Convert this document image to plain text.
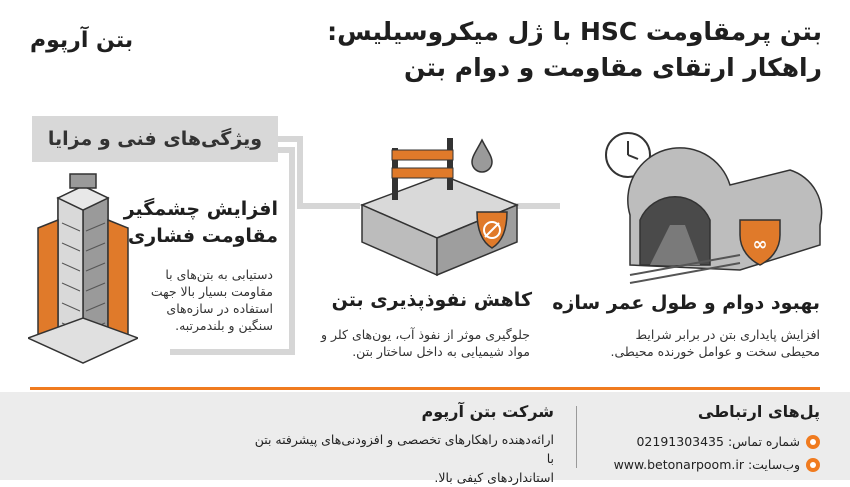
بتن پرمقاومت HSC با ژل میکروسیلیس:
راهکار ارتقای مقاومت و دوام بتن
بتن آرپوم
ویژگی‌های فنی و مزایا
افزایش چشمگیر
مقاومت فشاری
دستیابی به بتن‌های با
مقاومت بسیار بالا جهت
استفاده در سازه‌های
سنگین و بلندمرتبه.
کاهش نفوذپذیری بتن
جلوگیری موثر از نفوذ آب، یون‌های کلر و
مواد شیمیایی به داخل ساختار بتن.
∞
بهبود دوام و طول عمر سازه
افزایش پایداری بتن در برابر شرایط
محیطی سخت و عوامل خورنده محیطی.
شرکت بتن آرپوم
ارائه‌دهنده راهکارهای تخصصی و افزودنی‌های پیشرفته بتن با
استانداردهای کیفی بالا.
پل‌های ارتباطی
شماره تماس: 02191303435
وب‌سایت: www.betonarpoom.ir
